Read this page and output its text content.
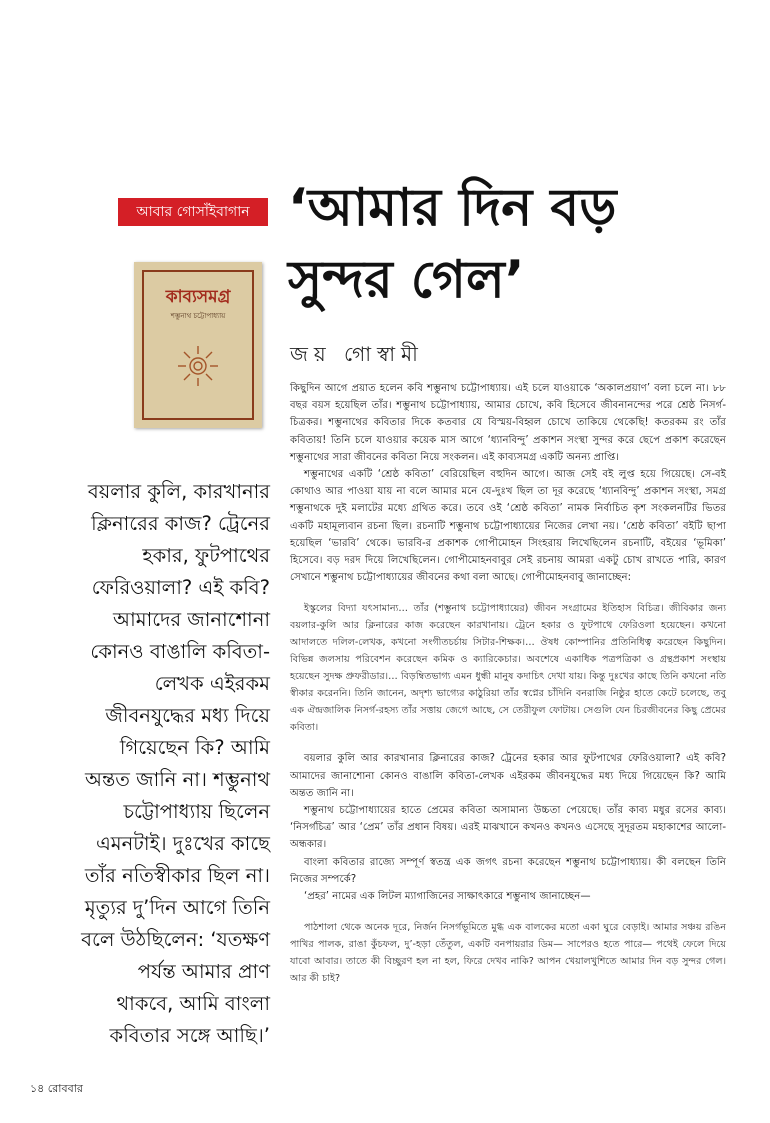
আবার গোসাঁইবাগান ‘আমার দিন বড় সুন্দর গেল’
জয় গোস্বামী
কাব্যসমগ্র
শম্ভুনাথ চট্টোপাধ্যায়

বয়লার কুলি, কারখানার ক্লিনারের কাজ? ট্রেনের হকার, ফুটপাথের ফেরিওয়ালা? এই কবি? আমাদের জানাশোনা কোনও বাঙালি কবিতা-লেখক এইরকম জীবনযুদ্ধের মধ্য দিয়ে গিয়েছেন কি? আমি অন্তত জানি না। শম্ভুনাথ চট্টোপাধ্যায় ছিলেন এমনটাই। দুঃখের কাছে তাঁর নতিস্বীকার ছিল না। মৃত্যুর দু’দিন আগে তিনি বলে উঠছিলেন: ‘যতক্ষণ পর্যন্ত আমার প্রাণ থাকবে, আমি বাংলা কবিতার সঙ্গে আছি।’

কিছুদিন আগে প্রয়াত হলেন কবি শম্ভুনাথ চট্টোপাধ্যায়। এই চলে যাওয়াকে ‘অকালপ্রয়াণ’ বলা চলে না। ৮৮ বছর বয়স হয়েছিল তাঁর। শম্ভুনাথ চট্টোপাধ্যায়, আমার চোখে, কবি হিসেবে জীবনানন্দের পরে শ্রেষ্ঠ নিসর্গ-চিত্রকর। শম্ভুনাথের কবিতার দিকে কতবার যে বিস্ময়-বিহ্বল চোখে তাকিয়ে থেকেছি! কতরকম রং তাঁর কবিতায়! তিনি চলে যাওয়ার কয়েক মাস আগে ‘ধ্যানবিন্দু’ প্রকাশন সংস্থা সুন্দর করে ছেপে প্রকাশ করেছেন শম্ভুনাথের সারা জীবনের কবিতা নিয়ে সংকলন। এই কাব্যসমগ্র একটি অনন্য প্রাপ্তি।

শম্ভুনাথের একটি ‘শ্রেষ্ঠ কবিতা’ বেরিয়েছিল বহুদিন আগে। আজ সেই বই লুপ্ত হয়ে গিয়েছে। সে-বই কোথাও আর পাওয়া যায় না বলে আমার মনে যে-দুঃখ ছিল তা দূর করেছে ‘ধ্যানবিন্দু’ প্রকাশন সংস্থা, সমগ্র শম্ভুনাথকে দুই মলাটের মধ্যে গ্রথিত করে। তবে ওই ‘শ্রেষ্ঠ কবিতা’ নামক নির্বাচিত কৃশ সংকলনটির ভিতর একটি মহামূল্যবান রচনা ছিল। রচনাটি শম্ভুনাথ চট্টোপাধ্যায়ের নিজের লেখা নয়। ‘শ্রেষ্ঠ কবিতা’ বইটি ছাপা হয়েছিল ‘ভারবি’ থেকে। ভারবি-র প্রকাশক গোপীমোহন সিংহরায় লিখেছিলেন রচনাটি, বইয়ের ‘ভূমিকা’ হিসেবে। বড় দরদ দিয়ে লিখেছিলেন। গোপীমোহনবাবুর সেই রচনায় আমরা একটু চোখ রাখতে পারি, কারণ সেখানে শম্ভুনাথ চট্টোপাধ্যায়ের জীবনের কথা বলা আছে। গোপীমোহনবাবু জানাচ্ছেন:

ইস্কুলের বিদ্যা যৎসামান্য… তাঁর (শম্ভুনাথ চট্টোপাধ্যায়ের) জীবন সংগ্রামের ইতিহাস বিচিত্র। জীবিকার জন্য বয়লার-কুলি আর ক্লিনারের কাজ করেছেন কারখানায়। ট্রেনে হকার ও ফুটপাথে ফেরিওলা হয়েছেন। কখনো আদালতে দলিল-লেখক, কখনো সংগীতচর্চায় সিটার-শিক্ষক।… ঔষধ কোম্পানির প্রতিনিধিত্ব করেছেন কিছুদিন। বিভিন্ন জলসায় পরিবেশন করেছেন কমিক ও ক্যারিকেচার। অবশেষে একাধিক পত্রপত্রিকা ও গ্রন্থপ্রকাশ সংস্থায় হয়েছেন সুদক্ষ প্রুফরীডার।… বিড়ম্বিতভাগ্য এমন ধুন্ধী মানুষ কদাচিৎ দেখা যায়। কিন্তু দুঃখের কাছে তিনি কখনো নতি স্বীকার করেননি। তিনি জানেন, অদৃশ্য ভাগ্যের কাঠুরিয়া তাঁর স্বপ্নের চাঁদিনি বনরাজি নিষ্ঠুর হাতে কেটে চলেছে, তবু এক ঐন্দ্রজালিক নিসর্গ-রহস্য তাঁর সত্তায় জেগে আছে, সে তেরীফুল ফোটায়। সেগুলি যেন চিরজীবনের কিছু প্রেমের কবিতা।

বয়লার কুলি আর কারখানার ক্লিনারের কাজ? ট্রেনের হকার আর ফুটপাথের ফেরিওয়ালা? এই কবি? আমাদের জানাশোনা কোনও বাঙালি কবিতা-লেখক এইরকম জীবনযুদ্ধের মধ্য দিয়ে গিয়েছেন কি? আমি অন্তত জানি না।

শম্ভুনাথ চট্টোপাধ্যায়ের হাতে প্রেমের কবিতা অসামান্য উচ্চতা পেয়েছে। তাঁর কাব্য মধুর রসের কাব্য। ‘নিসর্গচিত্র’ আর ‘প্রেম’ তাঁর প্রধান বিষয়। এরই মাঝখানে কখনও কখনও এসেছে সুদূরতম মহাকাশের আলো-অন্ধকার।

বাংলা কবিতার রাজ্যে সম্পূর্ণ স্বতন্ত্র এক জগৎ রচনা করেছেন শম্ভুনাথ চট্টোপাধ্যায়। কী বলছেন তিনি নিজের সম্পর্কে?

‘প্রহর’ নামের এক লিটল ম্যাগাজিনের সাক্ষাৎকারে শম্ভুনাথ জানাচ্ছেন—

পাঠশালা থেকে অনেক দূরে, নির্জন নিসর্গভূমিতে মুগ্ধ এক বালকের মতো একা ঘুরে বেড়াই। আমার সঞ্চয় রঙিন পাখির পালক, রাঙা কুঁচফল, দু’-হড়া তেঁতুল, একটি বনপায়রার ডিম— সাপেরও হতে পারে— পথেই ফেলে দিয়ে যাবো আবার। তাতে কী বিচ্ছুরণ হল না হল, ফিরে দেখব নাকি? আপন খেয়ালখুশিতে আমার দিন বড় সুন্দর গেল। আর কী চাই?
১৪ রোববার
